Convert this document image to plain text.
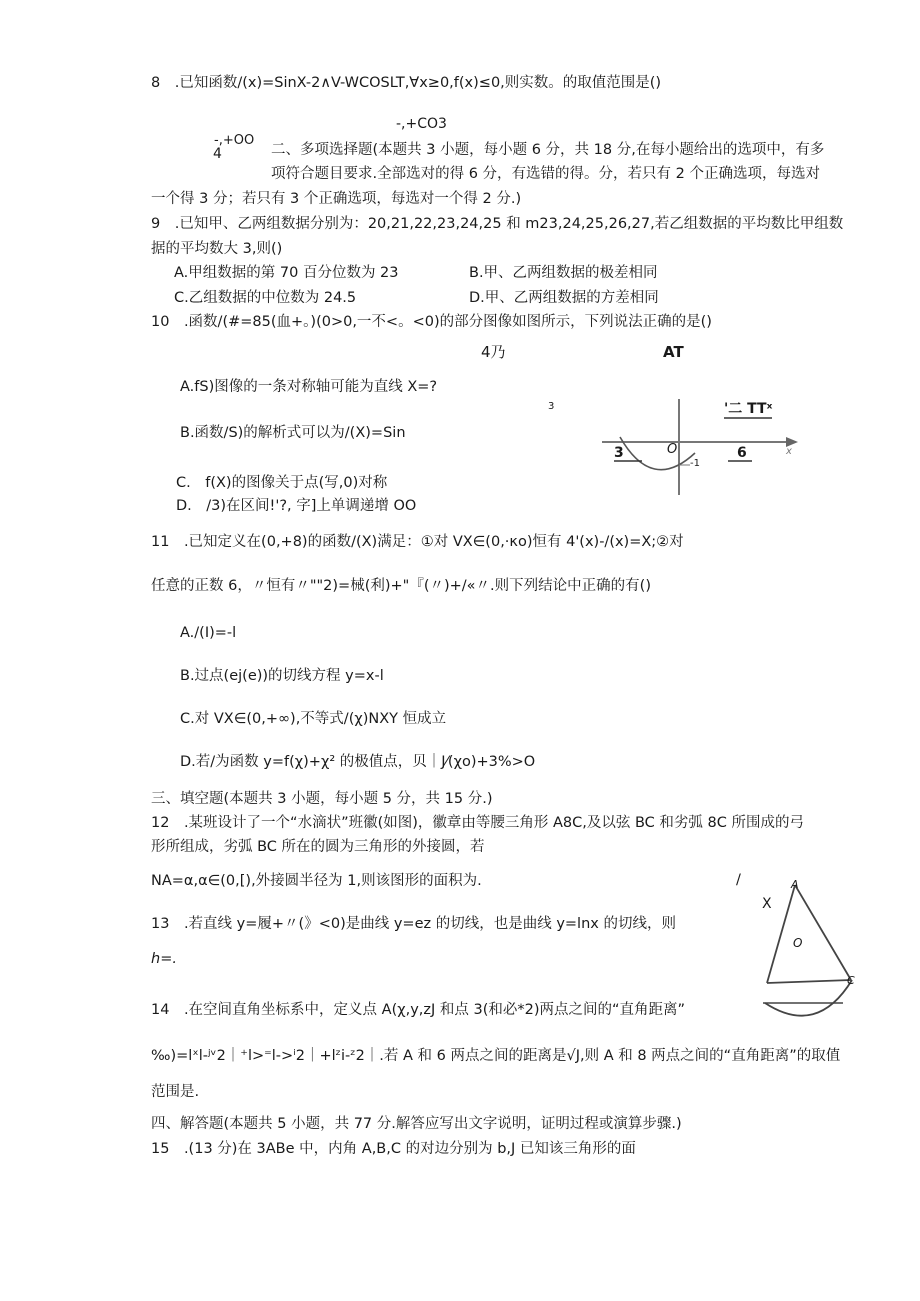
8　.已知函数/(x)=SinX-2∧V-WCOSLT,∀x≥0,f(x)≤0,则实数。的取值范围是()
-,+CO3
-,+OO
4	二、多项选择题(本题共 3 小题，每小题 6 分，共 18 分,在每小题给出的选项中，有多
项符合题目要求.全部选对的得 6 分，有选错的得。分，若只有 2 个正确选项，每选对
一个得 3 分；若只有 3 个正确选项，每选对一个得 2 分.)
9　.已知甲、乙两组数据分别为：20,21,22,23,24,25 和 m23,24,25,26,27,若乙组数据的平均数比甲组数
据的平均数大 3,则()
A.甲组数据的第 70 百分位数为 23	B.甲、乙两组数据的极差相同
C.乙组数据的中位数为 24.5	D.甲、乙两组数据的方差相同
10　.函数/(#=85(血+。)(0>0,一不<。<0)的部分图像如图所示，下列说法正确的是()
4乃	AT
A.fS)图像的一条对称轴可能为直线 X=?
B.函数/S)的解析式可以为/(X)=Sin
C.　f(X)的图像关于点(写,0)对称
D.　/3)在区间!'?, 字]上单调递增 OO
3	'二 TTˣ
3	O
-1
6	x
11　.已知定义在(0,+8)的函数/(X)满足：①对 VX∈(0,·κo)恒有 4'(x)-/(x)=X;②对
任意的正数 6，〃恒有〃""2)=械(利)+"『(〃)+/«〃.则下列结论中正确的有()
A./(I)=-l
B.过点(ej(e))的切线方程 y=x-l
C.对 VX∈(0,+∞),不等式/(χ)NXY 恒成立
D.若/为函数 y=f(χ)+χ² 的极值点，贝｜J⁄(χo)+3%>O
三、填空题(本题共 3 小题，每小题 5 分，共 15 分.)
12　.某班设计了一个“水滴状”班徽(如图)，徽章由等腰三角形 A8C,及以弦 BC 和劣弧 8C 所围成的弓
形所组成，劣弧 BC 所在的圆为三角形的外接圆，若
NA=α,α∈(0,[),外接圆半径为 1,则该图形的面积为.	/
X
A
O
C
13　.若直线 y=履+〃(》<0)是曲线 y=ez 的切线，也是曲线 y=lnx 的切线，则
h=.
14　.在空间直角坐标系中，定义点 A(χ,y,zJ 和点 3(和必*2)两点之间的“直角距离”
‰)=lˣl-ʲᵛ2｜⁺l>⁼l->ⁱ2｜+lᶻi-ᶻ2｜.若 A 和 6 两点之间的距离是√J,则 A 和 8 两点之间的“直角距离”的取值
范围是.
四、解答题(本题共 5 小题，共 77 分.解答应写出文字说明，证明过程或演算步骤.)
15　.(13 分)在 3ABe 中，内角 A,B,C 的对边分别为 b,J 已知该三角形的面
